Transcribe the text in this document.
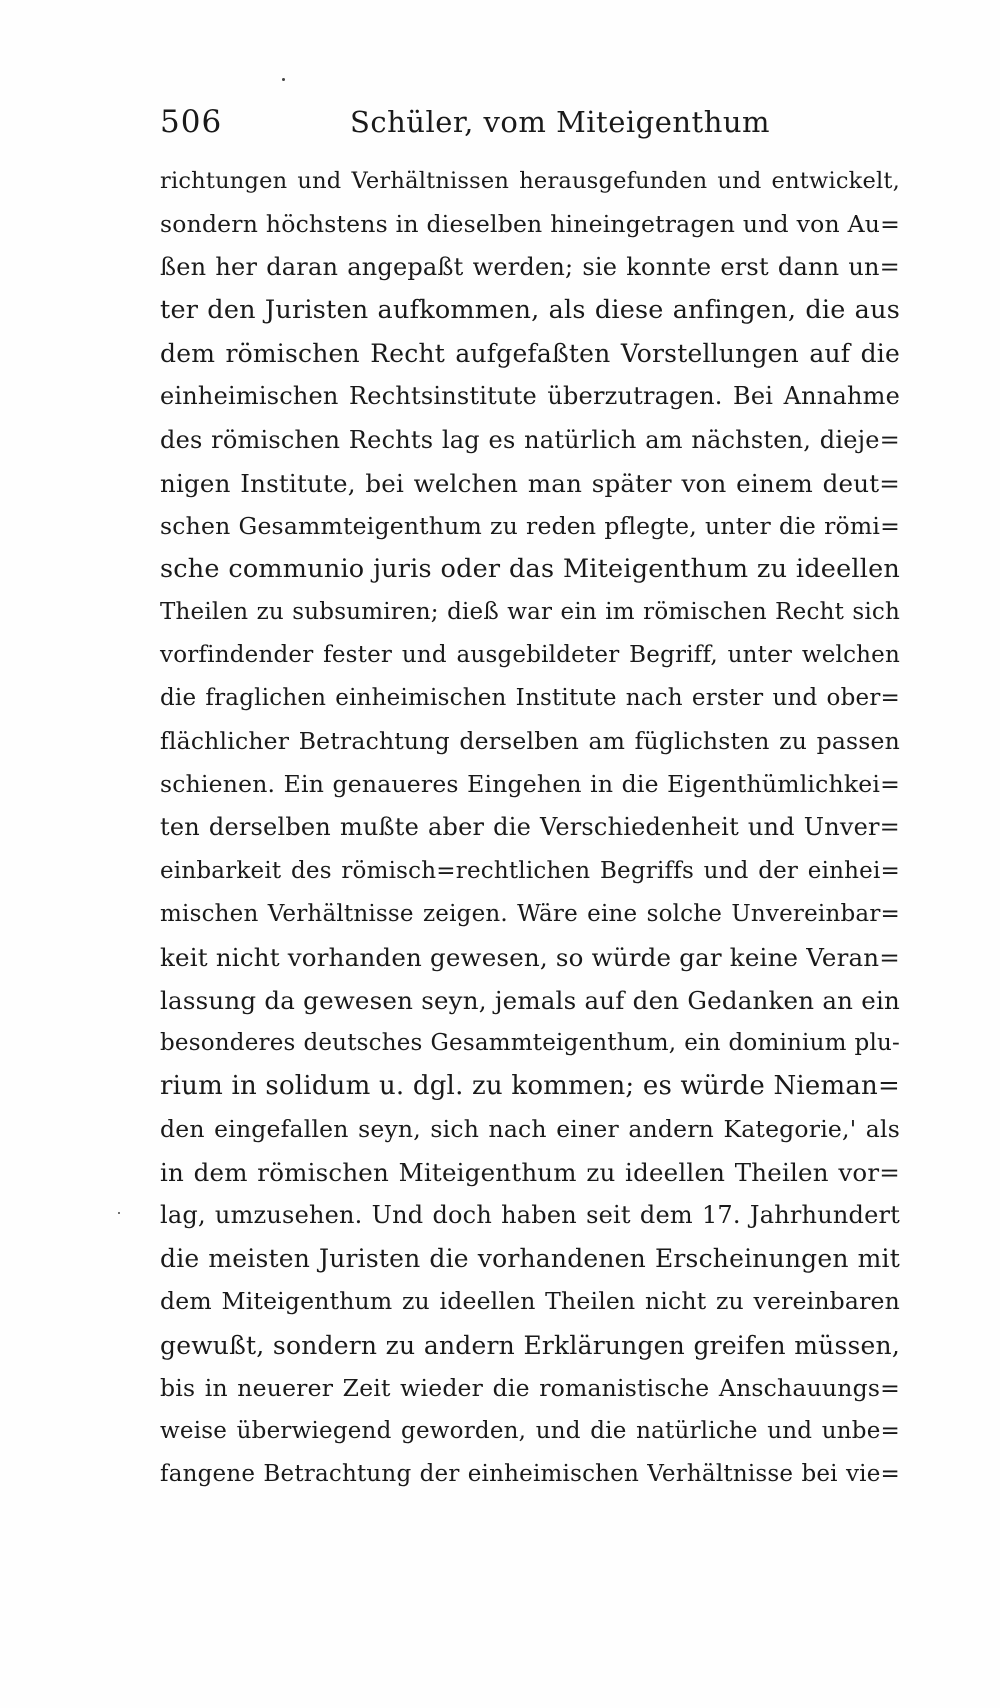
506	Schüler, vom Miteigenthum
richtungen und Verhältnissen herausgefunden und entwickelt,
sondern höchstens in dieselben hineingetragen und von Au=
ßen her daran angepaßt werden; sie konnte erst dann un=
ter den Juristen aufkommen, als diese anfingen, die aus
dem römischen Recht aufgefaßten Vorstellungen auf die
einheimischen Rechtsinstitute überzutragen. Bei Annahme
des römischen Rechts lag es natürlich am nächsten, dieje=
nigen Institute, bei welchen man später von einem deut=
schen Gesammteigenthum zu reden pflegte, unter die römi=
sche communio juris oder das Miteigenthum zu ideellen
Theilen zu subsumiren; dieß war ein im römischen Recht sich
vorfindender fester und ausgebildeter Begriff, unter welchen
die fraglichen einheimischen Institute nach erster und ober=
flächlicher Betrachtung derselben am füglichsten zu passen
schienen. Ein genaueres Eingehen in die Eigenthümlichkei=
ten derselben mußte aber die Verschiedenheit und Unver=
einbarkeit des römisch=rechtlichen Begriffs und der einhei=
mischen Verhältnisse zeigen. Wäre eine solche Unvereinbar=
keit nicht vorhanden gewesen, so würde gar keine Veran=
lassung da gewesen seyn, jemals auf den Gedanken an ein
besonderes deutsches Gesammteigenthum, ein dominium plu-
rium in solidum u. dgl. zu kommen; es würde Nieman=
den eingefallen seyn, sich nach einer andern Kategorie,' als
in dem römischen Miteigenthum zu ideellen Theilen vor=
lag, umzusehen. Und doch haben seit dem 17. Jahrhundert
die meisten Juristen die vorhandenen Erscheinungen mit
dem Miteigenthum zu ideellen Theilen nicht zu vereinbaren
gewußt, sondern zu andern Erklärungen greifen müssen,
bis in neuerer Zeit wieder die romanistische Anschauungs=
weise überwiegend geworden, und die natürliche und unbe=
fangene Betrachtung der einheimischen Verhältnisse bei vie=
